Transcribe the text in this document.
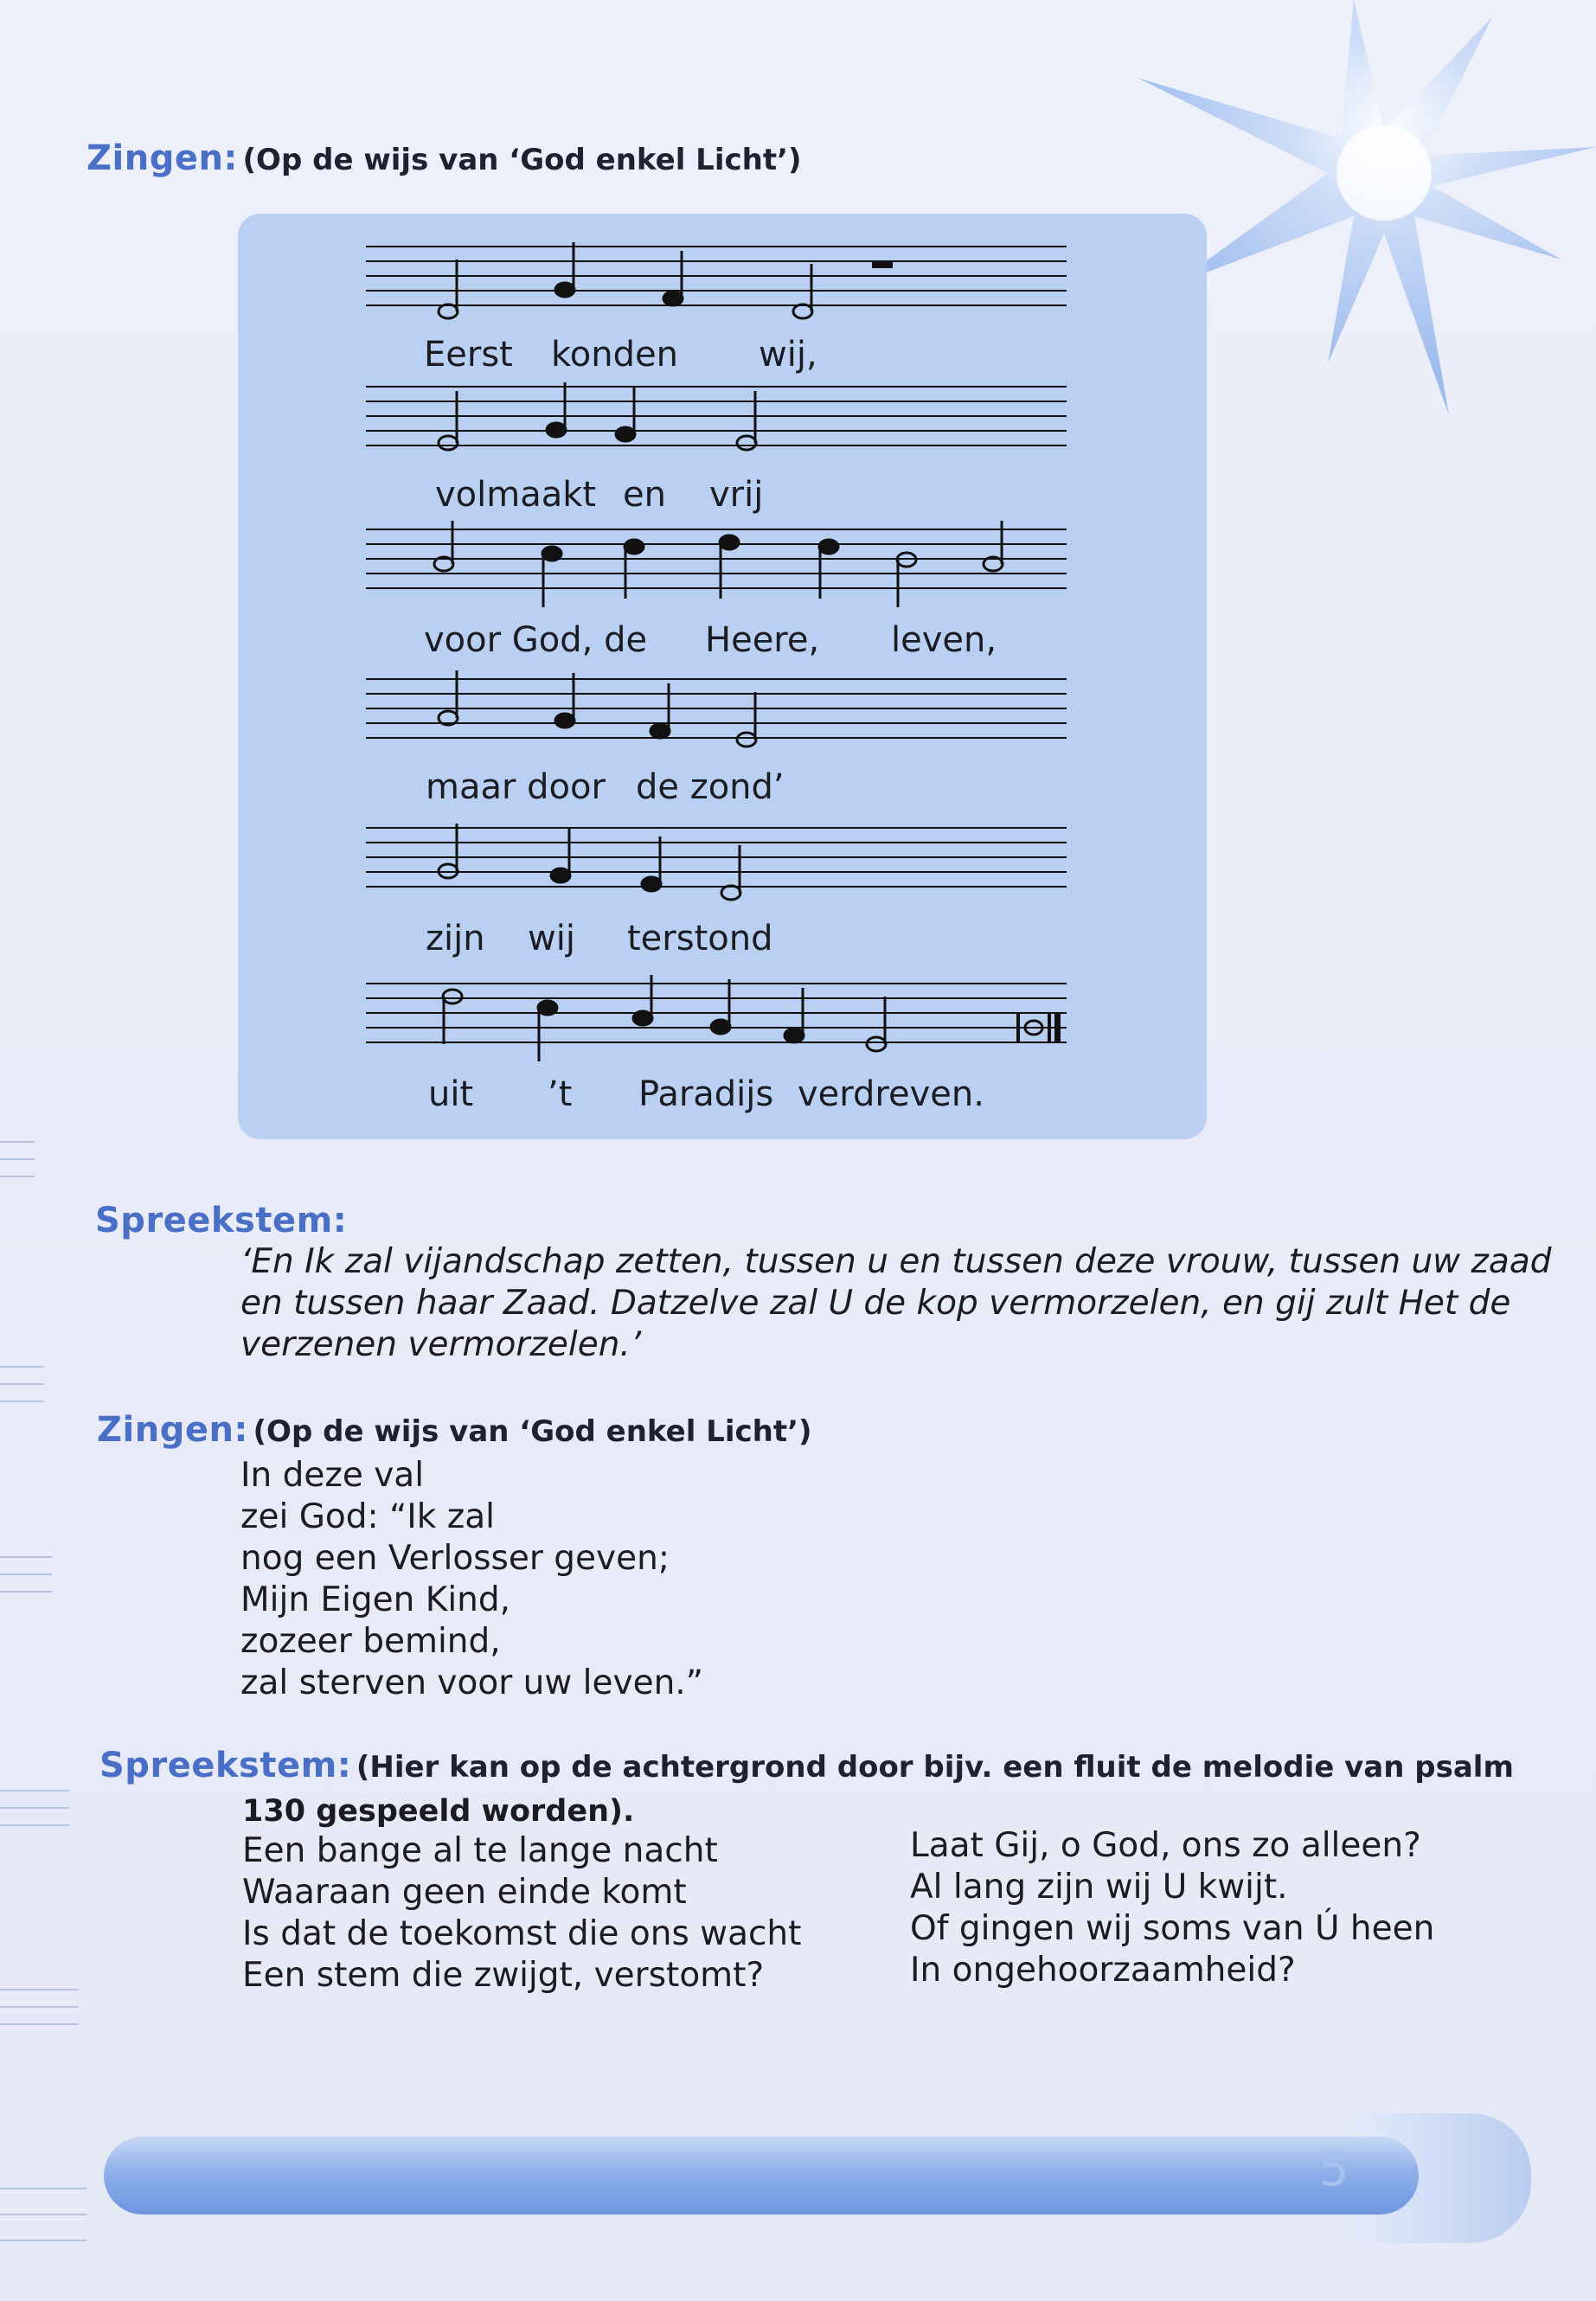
Zingen: (Op de wijs van ‘God enkel Licht’)
Eerst konden wij,
volmaakt en vrij
voor God, de Heere, leven,
maar door de zond’
zijn wij terstond
uit ’t Paradijs verdreven.
Spreekstem:
‘En Ik zal vijandschap zetten, tussen u en tussen deze vrouw, tussen uw zaad
en tussen haar Zaad. Datzelve zal U de kop vermorzelen, en gij zult Het de
verzenen vermorzelen.’
Zingen: (Op de wijs van ‘God enkel Licht’)
In deze val
zei God: “Ik zal
nog een Verlosser geven;
Mijn Eigen Kind,
zozeer bemind,
zal sterven voor uw leven.”
Spreekstem: (Hier kan op de achtergrond door bijv. een fluit de melodie van psalm
130 gespeeld worden).
Een bange al te lange nacht
Waaraan geen einde komt
Is dat de toekomst die ons wacht
Een stem die zwijgt, verstomt?
Laat Gij, o God, ons zo alleen?
Al lang zijn wij U kwijt.
Of gingen wij soms van Ú heen
In ongehoorzaamheid?
5
